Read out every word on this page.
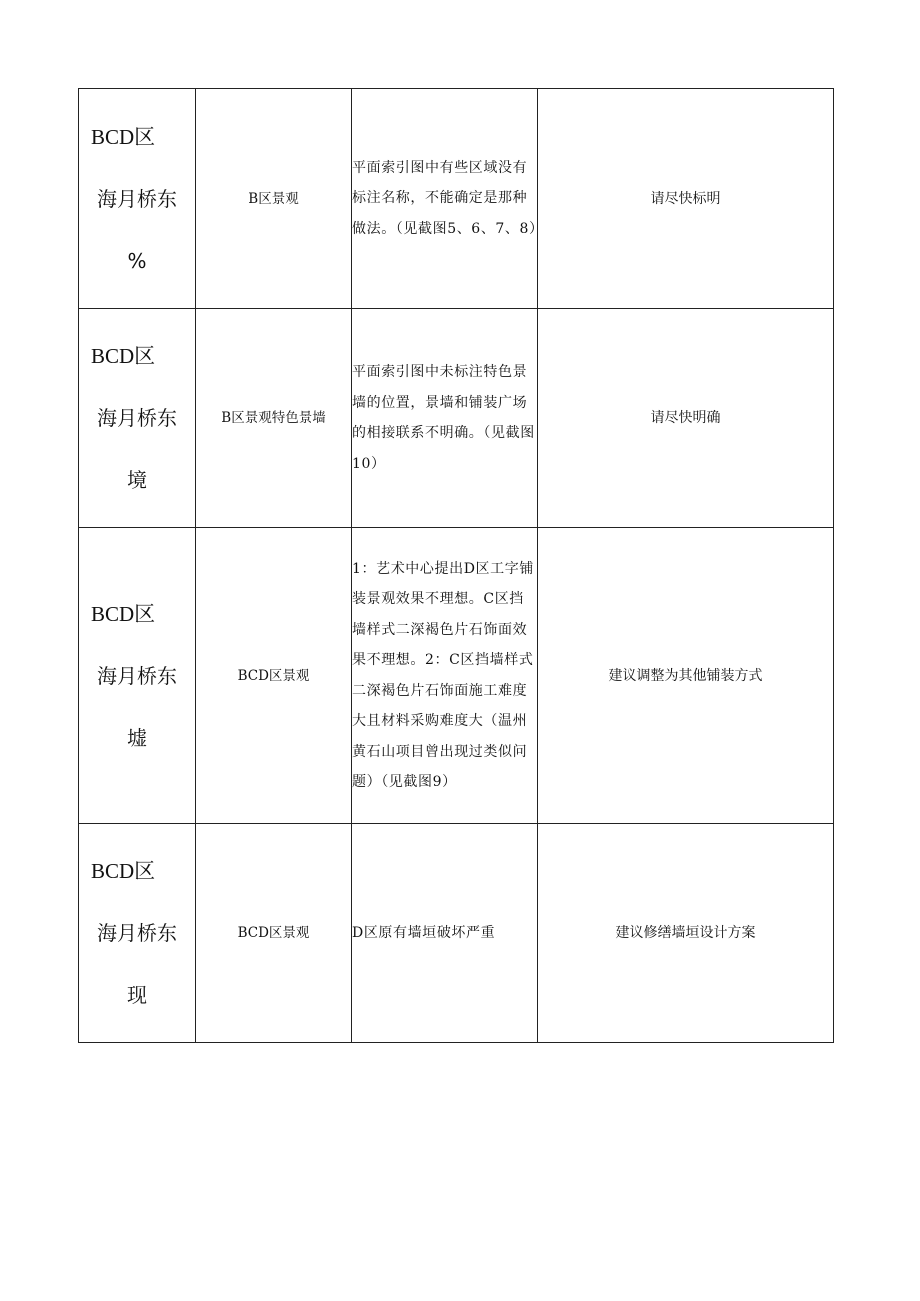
BCD区
海月桥东
%	B区景观	平面索引图中有些区域没有标注名称，不能确定是那种做法。（见截图5、6、7、8）	请尽快标明

BCD区
海月桥东
境	B区景观特色景墙	平面索引图中未标注特色景墙的位置，景墙和铺装广场的相接联系不明确。（见截图10）	请尽快明确

BCD区
海月桥东
墟	BCD区景观	1：艺术中心提出D区工字铺装景观效果不理想。C区挡墙样式二深褐色片石饰面效果不理想。2：C区挡墙样式二深褐色片石饰面施工难度大且材料采购难度大（温州黄石山项目曾出现过类似问题）（见截图9）	建议调整为其他铺装方式

BCD区
海月桥东
现	BCD区景观	D区原有墙垣破坏严重	建议修缮墙垣设计方案
